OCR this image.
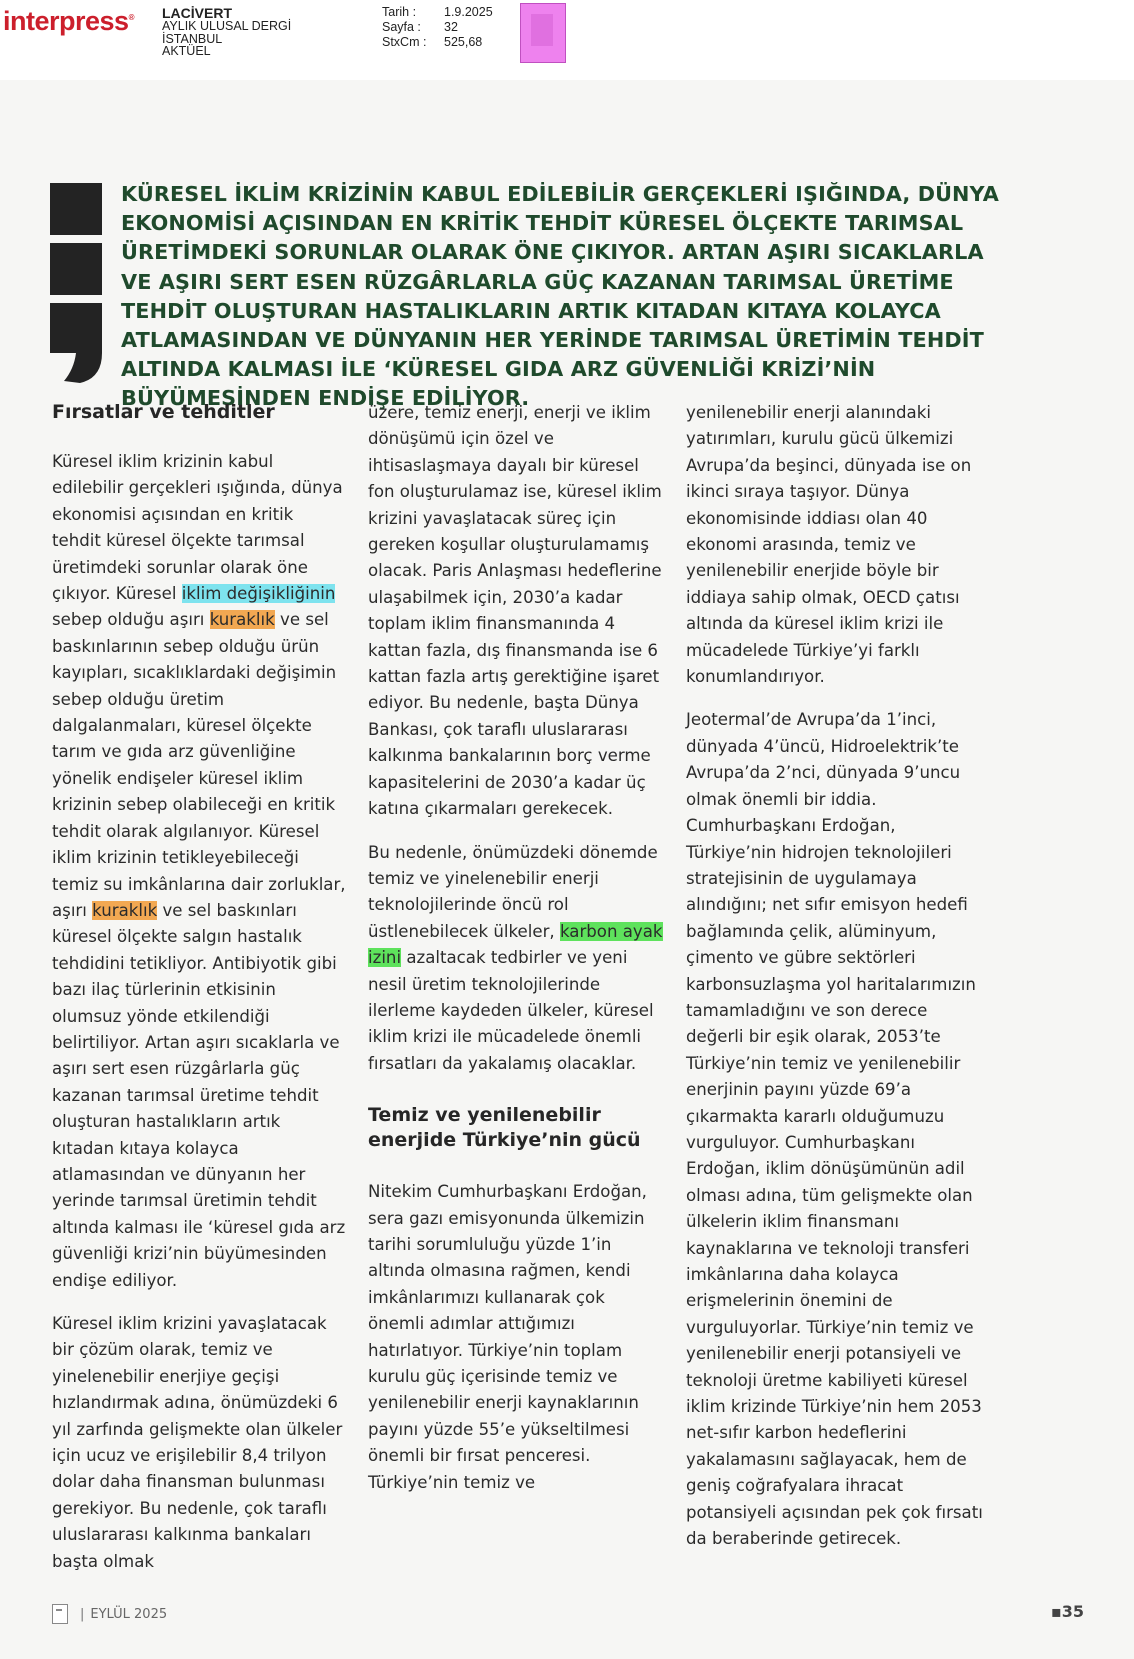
interpress® LACİVERT
AYLIK ULUSAL DERGİ
İSTANBUL
AKTÜEL
Tarih :	1.9.2025
Sayfa :	32
StxCm :	525,68

KÜRESEL İKLİM KRİZİNİN KABUL EDİLEBİLİR GERÇEKLERİ IŞIĞINDA, DÜNYA EKONOMİSİ AÇISINDAN EN KRİTİK TEHDİT KÜRESEL ÖLÇEKTE TARIMSAL ÜRETİMDEKİ SORUNLAR OLARAK ÖNE ÇIKIYOR. ARTAN AŞIRI SICAKLARLA VE AŞIRI SERT ESEN RÜZGÂRLARLA GÜÇ KAZANAN TARIMSAL ÜRETİME TEHDİT OLUŞTURAN HASTALIKLARIN ARTIK KITADAN KITAYA KOLAYCA ATLAMASINDAN VE DÜNYANIN HER YERİNDE TARIMSAL ÜRETİMİN TEHDİT ALTINDA KALMASI İLE ‘KÜRESEL GIDA ARZ GÜVENLİĞİ KRİZİ’NİN BÜYÜMESİNDEN ENDİŞE EDİLİYOR.

Fırsatlar ve tehditler

Küresel iklim krizinin kabul edilebilir gerçekleri ışığında, dünya ekonomisi açısından en kritik tehdit küresel ölçekte tarımsal üretimdeki sorunlar olarak öne çıkıyor. Küresel iklim değişikliğinin sebep olduğu aşırı kuraklık ve sel baskınlarının sebep olduğu ürün kayıpları, sıcaklıklardaki değişimin sebep olduğu üretim dalgalanmaları, küresel ölçekte tarım ve gıda arz güvenliğine yönelik endişeler küresel iklim krizinin sebep olabileceği en kritik tehdit olarak algılanıyor. Küresel iklim krizinin tetikleyebileceği temiz su imkânlarına dair zorluklar, aşırı kuraklık ve sel baskınları küresel ölçekte salgın hastalık tehdidini tetikliyor. Antibiyotik gibi bazı ilaç türlerinin etkisinin olumsuz yönde etkilendiği belirtiliyor. Artan aşırı sıcaklarla ve aşırı sert esen rüzgârlarla güç kazanan tarımsal üretime tehdit oluşturan hastalıkların artık kıtadan kıtaya kolayca atlamasından ve dünyanın her yerinde tarımsal üretimin tehdit altında kalması ile ‘küresel gıda arz güvenliği krizi’nin büyümesinden endişe ediliyor.

Küresel iklim krizini yavaşlatacak bir çözüm olarak, temiz ve yinelenebilir enerjiye geçişi hızlandırmak adına, önümüzdeki 6 yıl zarfında gelişmekte olan ülkeler için ucuz ve erişilebilir 8,4 trilyon dolar daha finansman bulunması gerekiyor. Bu nedenle, çok taraflı uluslararası kalkınma bankaları başta olmak

üzere, temiz enerji, enerji ve iklim dönüşümü için özel ve ihtisaslaşmaya dayalı bir küresel fon oluşturulamaz ise, küresel iklim krizini yavaşlatacak süreç için gereken koşullar oluşturulamamış olacak. Paris Anlaşması hedeflerine ulaşabilmek için, 2030’a kadar toplam iklim finansmanında 4 kattan fazla, dış finansmanda ise 6 kattan fazla artış gerektiğine işaret ediyor. Bu nedenle, başta Dünya Bankası, çok taraflı uluslararası kalkınma bankalarının borç verme kapasitelerini de 2030’a kadar üç katına çıkarmaları gerekecek.

Bu nedenle, önümüzdeki dönemde temiz ve yinelenebilir enerji teknolojilerinde öncü rol üstlenebilecek ülkeler, karbon ayak izini azaltacak tedbirler ve yeni nesil üretim teknolojilerinde ilerleme kaydeden ülkeler, küresel iklim krizi ile mücadelede önemli fırsatları da yakalamış olacaklar.

Temiz ve yenilenebilir enerjide Türkiye’nin gücü

Nitekim Cumhurbaşkanı Erdoğan, sera gazı emisyonunda ülkemizin tarihi sorumluluğu yüzde 1’in altında olmasına rağmen, kendi imkânlarımızı kullanarak çok önemli adımlar attığımızı hatırlatıyor. Türkiye’nin toplam kurulu güç içerisinde temiz ve yenilenebilir enerji kaynaklarının payını yüzde 55’e yükseltilmesi önemli bir fırsat penceresi. Türkiye’nin temiz ve

yenilenebilir enerji alanındaki yatırımları, kurulu gücü ülkemizi Avrupa’da beşinci, dünyada ise on ikinci sıraya taşıyor. Dünya ekonomisinde iddiası olan 40 ekonomi arasında, temiz ve yenilenebilir enerjide böyle bir iddiaya sahip olmak, OECD çatısı altında da küresel iklim krizi ile mücadelede Türkiye’yi farklı konumlandırıyor.

Jeotermal’de Avrupa’da 1’inci, dünyada 4’üncü, Hidroelektrik’te Avrupa’da 2’nci, dünyada 9’uncu olmak önemli bir iddia. Cumhurbaşkanı Erdoğan, Türkiye’nin hidrojen teknolojileri stratejisinin de uygulamaya alındığını; net sıfır emisyon hedefi bağlamında çelik, alüminyum, çimento ve gübre sektörleri karbonsuzlaşma yol haritalarımızın tamamladığını ve son derece değerli bir eşik olarak, 2053’te Türkiye’nin temiz ve yenilenebilir enerjinin payını yüzde 69’a çıkarmakta kararlı olduğumuzu vurguluyor. Cumhurbaşkanı Erdoğan, iklim dönüşümünün adil olması adına, tüm gelişmekte olan ülkelerin iklim finansmanı kaynaklarına ve teknoloji transferi imkânlarına daha kolayca erişmelerinin önemini de vurguluyorlar. Türkiye’nin temiz ve yenilenebilir enerji potansiyeli ve teknoloji üretme kabiliyeti küresel iklim krizinde Türkiye’nin hem 2053 net-sıfır karbon hedeflerini yakalamasını sağlayacak, hem de geniş coğrafyalara ihracat potansiyeli açısından pek çok fırsatı da beraberinde getirecek.

| EYLÜL 2025	▪35
